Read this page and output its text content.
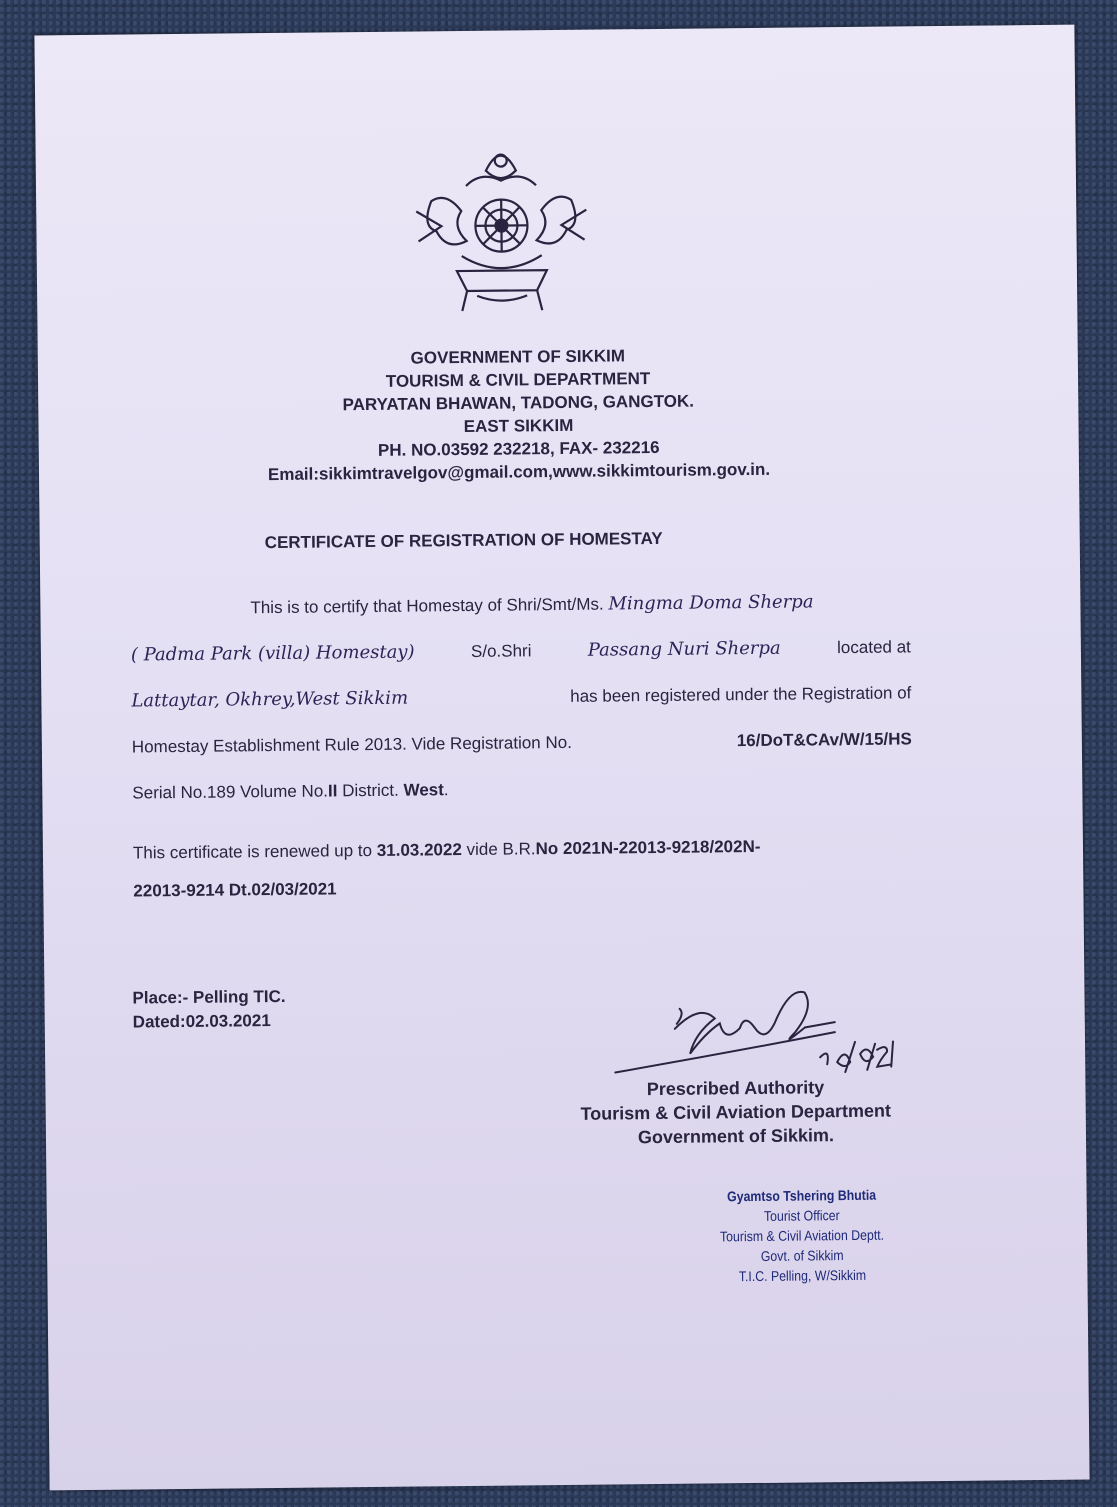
GOVERNMENT OF SIKKIM
TOURISM & CIVIL DEPARTMENT
PARYATAN BHAWAN, TADONG, GANGTOK.
EAST SIKKIM
PH. NO.03592 232218, FAX- 232216
Email:sikkimtravelgov@gmail.com,www.sikkimtourism.gov.in.
CERTIFICATE OF REGISTRATION OF HOMESTAY
This is to certify that Homestay of Shri/Smt/Ms. Mingma Doma Sherpa
( Padma Park (villa) Homestay)	S/o.Shri	Passang Nuri Sherpa	located at
Lattaytar, Okhrey,West Sikkim	has been registered under the Registration of
Homestay Establishment Rule 2013. Vide Registration No.	16/DoT&CAv/W/15/HS
Serial No.189 Volume No.II District. West.
This certificate is renewed up to 31.03.2022 vide B.R.No 2021N-22013-9218/202N-
22013-9214 Dt.02/03/2021
Place:- Pelling TIC.
Dated:02.03.2021
2/03/21
Prescribed Authority
Tourism & Civil Aviation Department
Government of Sikkim.
Gyamtso Tshering Bhutia
Tourist Officer
Tourism & Civil Aviation Deptt.
Govt. of Sikkim
T.I.C. Pelling, W/Sikkim
